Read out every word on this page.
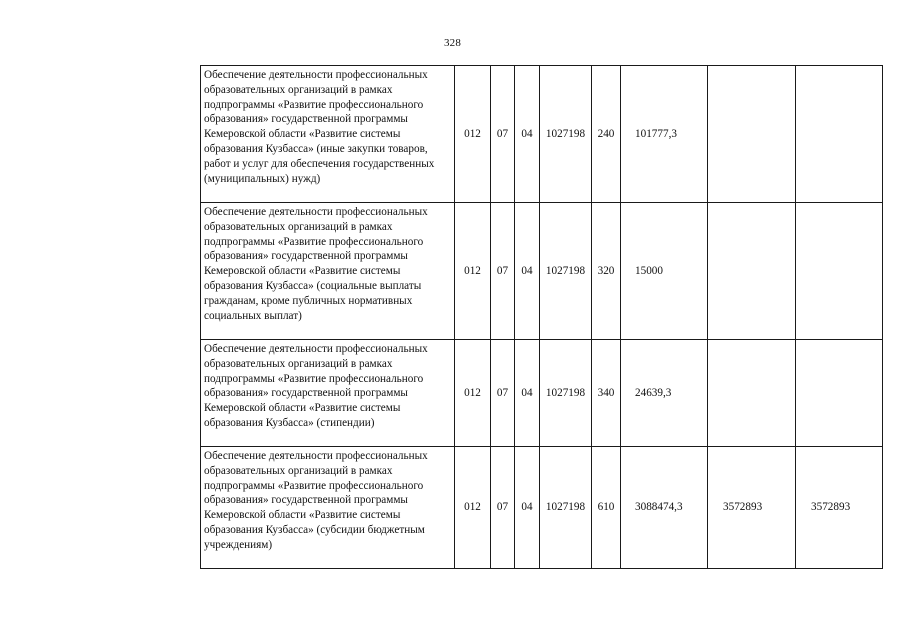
328
Обеспечение деятельности профессиональных образовательных организаций в рамках подпрограммы «Развитие профессионального образования» государственной программы Кемеровской области «Развитие системы образования Кузбасса» (иные закупки товаров, работ и услуг для обеспечения государственных (муниципальных) нужд)	012	07	04	1027198	240	101777,3		
Обеспечение деятельности профессиональных образовательных организаций в рамках подпрограммы «Развитие профессионального образования» государственной программы Кемеровской области «Развитие системы образования Кузбасса» (социальные выплаты гражданам, кроме публичных нормативных социальных выплат)	012	07	04	1027198	320	15000		
Обеспечение деятельности профессиональных образовательных организаций в рамках подпрограммы «Развитие профессионального образования» государственной программы Кемеровской области «Развитие системы образования Кузбасса» (стипендии)	012	07	04	1027198	340	24639,3		
Обеспечение деятельности профессиональных образовательных организаций в рамках подпрограммы «Развитие профессионального образования» государственной программы Кемеровской области «Развитие системы образования Кузбасса» (субсидии бюджетным учреждениям)	012	07	04	1027198	610	3088474,3	3572893	3572893
